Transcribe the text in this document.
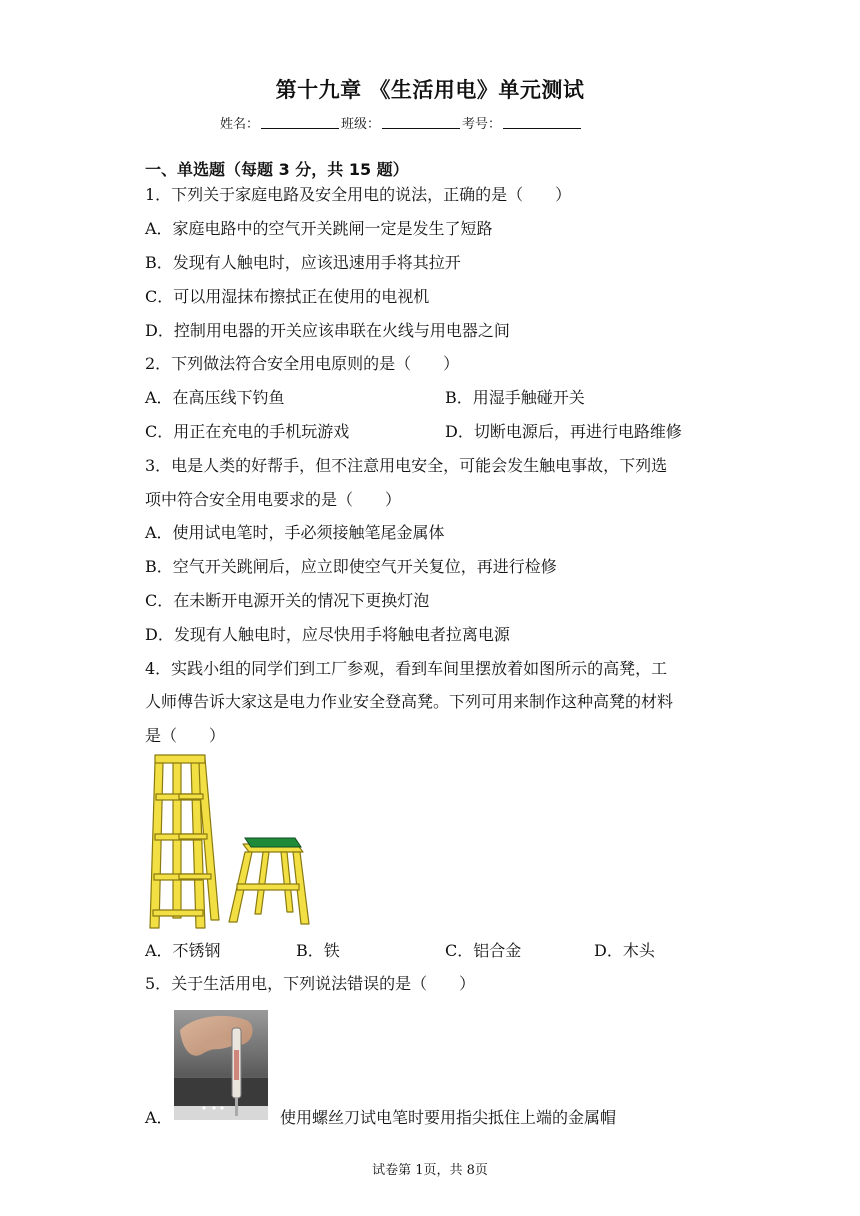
第十九章 《生活用电》单元测试
姓名：	班级：	考号：
一、单选题（每题 3 分，共 15 题）
1．下列关于家庭电路及安全用电的说法，正确的是（　　）
A．家庭电路中的空气开关跳闸一定是发生了短路
B．发现有人触电时，应该迅速用手将其拉开
C．可以用湿抹布擦拭正在使用的电视机
D．控制用电器的开关应该串联在火线与用电器之间
2．下列做法符合安全用电原则的是（　　）
A．在高压线下钓鱼	B．用湿手触碰开关
C．用正在充电的手机玩游戏	D．切断电源后，再进行电路维修
3．电是人类的好帮手，但不注意用电安全，可能会发生触电事故，下列选
项中符合安全用电要求的是（　　）
A．使用试电笔时，手必须接触笔尾金属体
B．空气开关跳闸后，应立即使空气开关复位，再进行检修
C．在未断开电源开关的情况下更换灯泡
D．发现有人触电时，应尽快用手将触电者拉离电源
4．实践小组的同学们到工厂参观，看到车间里摆放着如图所示的高凳，工
人师傅告诉大家这是电力作业安全登高凳。下列可用来制作这种高凳的材料
是（　　）
A．不锈钢	B．铁	C．铝合金	D．木头
5．关于生活用电，下列说法错误的是（　　）
A．	使用螺丝刀试电笔时要用指尖抵住上端的金属帽
试卷第 1页，共 8页
